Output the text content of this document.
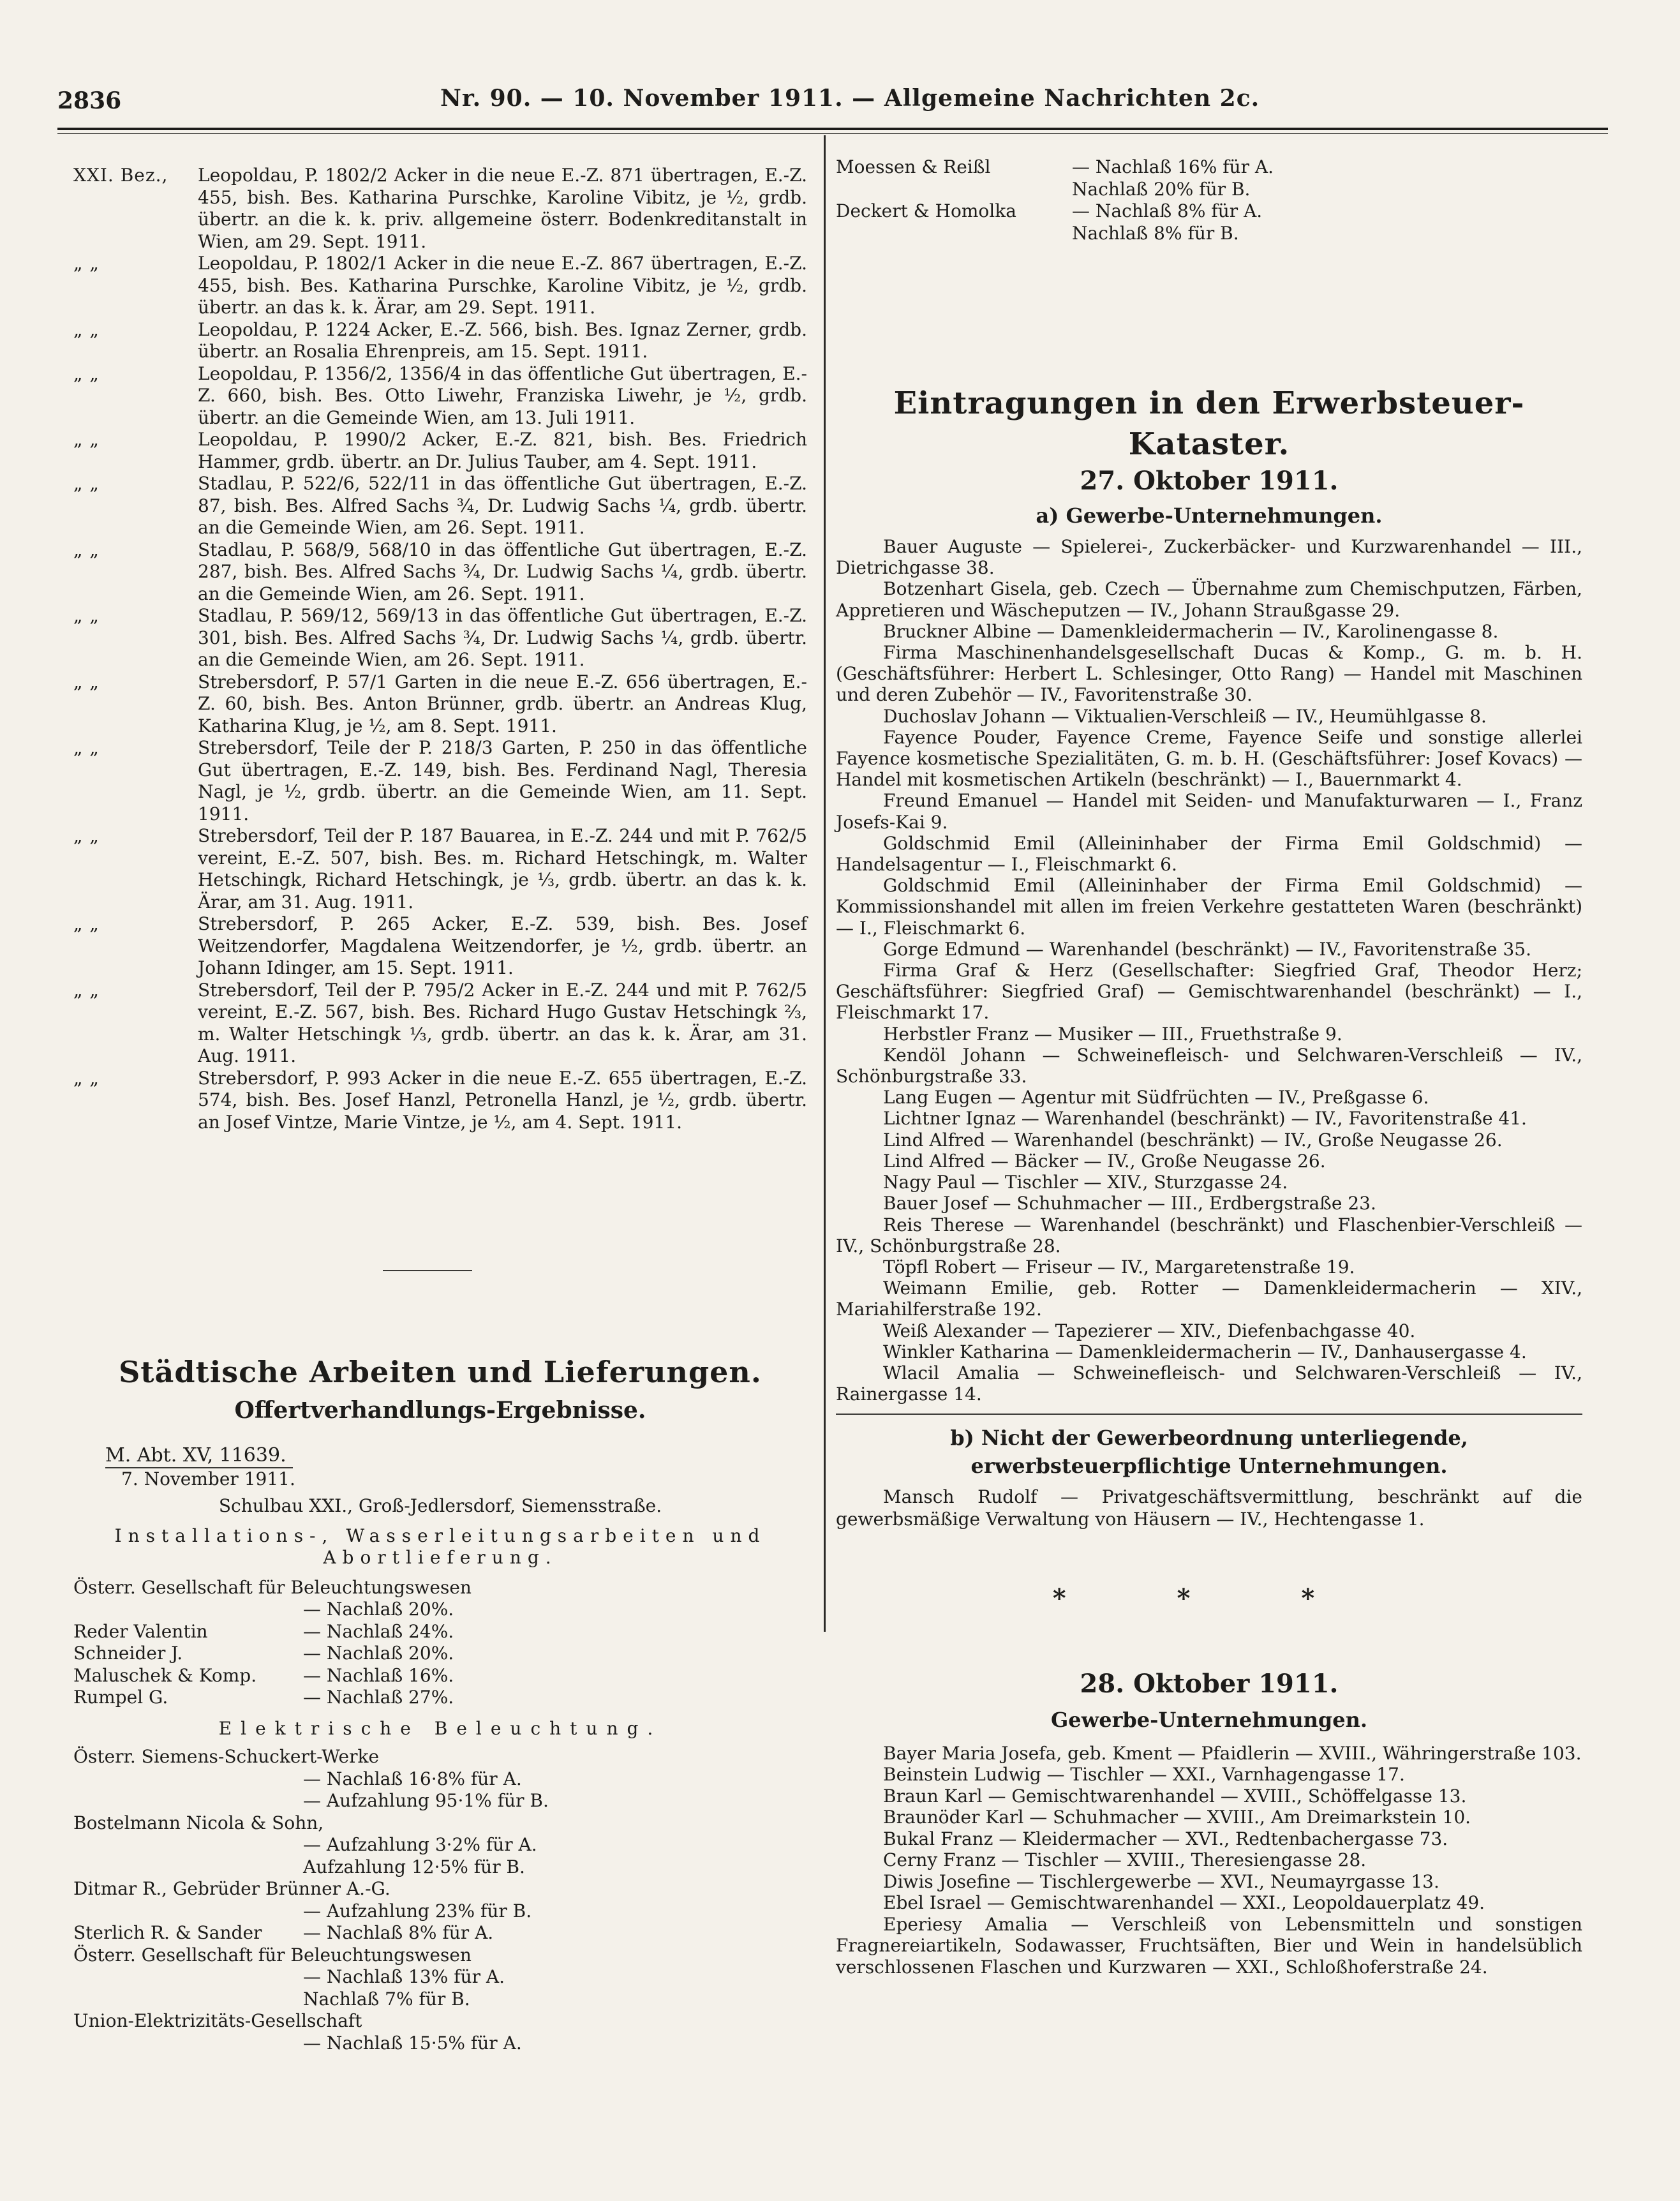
2836	Nr. 90. — 10. November 1911. — Allgemeine Nachrichten 2c.
XXI. Bez.,	Leopoldau, P. 1802/2 Acker in die neue E.-Z. 871 übertragen, E.-Z. 455, bish. Bes. Katharina Purschke, Karoline Vibitz, je ½, grdb. übertr. an die k. k. priv. allgemeine österr. Bodenkreditanstalt in Wien, am 29. Sept. 1911.
„ „	Leopoldau, P. 1802/1 Acker in die neue E.-Z. 867 übertragen, E.-Z. 455, bish. Bes. Katharina Purschke, Karoline Vibitz, je ½, grdb. übertr. an das k. k. Ärar, am 29. Sept. 1911.
„ „	Leopoldau, P. 1224 Acker, E.-Z. 566, bish. Bes. Ignaz Zerner, grdb. übertr. an Rosalia Ehrenpreis, am 15. Sept. 1911.
„ „	Leopoldau, P. 1356/2, 1356/4 in das öffentliche Gut übertragen, E.-Z. 660, bish. Bes. Otto Liwehr, Franziska Liwehr, je ½, grdb. übertr. an die Gemeinde Wien, am 13. Juli 1911.
„ „	Leopoldau, P. 1990/2 Acker, E.-Z. 821, bish. Bes. Friedrich Hammer, grdb. übertr. an Dr. Julius Tauber, am 4. Sept. 1911.
„ „	Stadlau, P. 522/6, 522/11 in das öffentliche Gut übertragen, E.-Z. 87, bish. Bes. Alfred Sachs ¾, Dr. Ludwig Sachs ¼, grdb. übertr. an die Gemeinde Wien, am 26. Sept. 1911.
„ „	Stadlau, P. 568/9, 568/10 in das öffentliche Gut übertragen, E.-Z. 287, bish. Bes. Alfred Sachs ¾, Dr. Ludwig Sachs ¼, grdb. übertr. an die Gemeinde Wien, am 26. Sept. 1911.
„ „	Stadlau, P. 569/12, 569/13 in das öffentliche Gut übertragen, E.-Z. 301, bish. Bes. Alfred Sachs ¾, Dr. Ludwig Sachs ¼, grdb. übertr. an die Gemeinde Wien, am 26. Sept. 1911.
„ „	Strebersdorf, P. 57/1 Garten in die neue E.-Z. 656 übertragen, E.-Z. 60, bish. Bes. Anton Brünner, grdb. übertr. an Andreas Klug, Katharina Klug, je ½, am 8. Sept. 1911.
„ „	Strebersdorf, Teile der P. 218/3 Garten, P. 250 in das öffentliche Gut übertragen, E.-Z. 149, bish. Bes. Ferdinand Nagl, Theresia Nagl, je ½, grdb. übertr. an die Gemeinde Wien, am 11. Sept. 1911.
„ „	Strebersdorf, Teil der P. 187 Bauarea, in E.-Z. 244 und mit P. 762/5 vereint, E.-Z. 507, bish. Bes. m. Richard Hetschingk, m. Walter Hetschingk, Richard Hetschingk, je ⅓, grdb. übertr. an das k. k. Ärar, am 31. Aug. 1911.
„ „	Strebersdorf, P. 265 Acker, E.-Z. 539, bish. Bes. Josef Weitzendorfer, Magdalena Weitzendorfer, je ½, grdb. übertr. an Johann Idinger, am 15. Sept. 1911.
„ „	Strebersdorf, Teil der P. 795/2 Acker in E.-Z. 244 und mit P. 762/5 vereint, E.-Z. 567, bish. Bes. Richard Hugo Gustav Hetschingk ⅔, m. Walter Hetschingk ⅓, grdb. übertr. an das k. k. Ärar, am 31. Aug. 1911.
„ „	Strebersdorf, P. 993 Acker in die neue E.-Z. 655 übertragen, E.-Z. 574, bish. Bes. Josef Hanzl, Petronella Hanzl, je ½, grdb. übertr. an Josef Vintze, Marie Vintze, je ½, am 4. Sept. 1911.
Städtische Arbeiten und Lieferungen.
Offertverhandlungs-Ergebnisse.
M. Abt. XV, 11639.
7. November 1911.
Schulbau XXI., Groß-Jedlersdorf, Siemensstraße.
Installations-, Wasserleitungsarbeiten und Abortlieferung.
Österr. Gesellschaft für Beleuchtungswesen
— Nachlaß 20%.
Reder Valentin	— Nachlaß 24%.
Schneider J.	— Nachlaß 20%.
Maluschek & Komp.	— Nachlaß 16%.
Rumpel G.	— Nachlaß 27%.
Elektrische Beleuchtung.
Österr. Siemens-Schuckert-Werke
— Nachlaß 16·8% für A.
— Aufzahlung 95·1% für B.
Bostelmann Nicola & Sohn,
— Aufzahlung 3·2% für A.
Aufzahlung 12·5% für B.
Ditmar R., Gebrüder Brünner A.-G.
— Aufzahlung 23% für B.
Sterlich R. & Sander	— Nachlaß 8% für A.
Österr. Gesellschaft für Beleuchtungswesen
— Nachlaß 13% für A.
Nachlaß 7% für B.
Union-Elektrizitäts-Gesellschaft
— Nachlaß 15·5% für A.
Moessen & Reißl	— Nachlaß 16% für A.
Nachlaß 20% für B.
Deckert & Homolka	— Nachlaß 8% für A.
Nachlaß 8% für B.
Eintragungen in den Erwerbsteuer-Kataster.
27. Oktober 1911.
a) Gewerbe-Unternehmungen.
Bauer Auguste — Spielerei-, Zuckerbäcker- und Kurzwarenhandel — III., Dietrichgasse 38.
Botzenhart Gisela, geb. Czech — Übernahme zum Chemischputzen, Färben, Appretieren und Wäscheputzen — IV., Johann Straußgasse 29.
Bruckner Albine — Damenkleidermacherin — IV., Karolinengasse 8.
Firma Maschinenhandelsgesellschaft Ducas & Komp., G. m. b. H. (Geschäftsführer: Herbert L. Schlesinger, Otto Rang) — Handel mit Maschinen und deren Zubehör — IV., Favoritenstraße 30.
Duchoslav Johann — Viktualien-Verschleiß — IV., Heumühlgasse 8.
Fayence Pouder, Fayence Creme, Fayence Seife und sonstige allerlei Fayence kosmetische Spezialitäten, G. m. b. H. (Geschäftsführer: Josef Kovacs) — Handel mit kosmetischen Artikeln (beschränkt) — I., Bauernmarkt 4.
Freund Emanuel — Handel mit Seiden- und Manufakturwaren — I., Franz Josefs-Kai 9.
Goldschmid Emil (Alleininhaber der Firma Emil Goldschmid) — Handelsagentur — I., Fleischmarkt 6.
Goldschmid Emil (Alleininhaber der Firma Emil Goldschmid) — Kommissionshandel mit allen im freien Verkehre gestatteten Waren (beschränkt) — I., Fleischmarkt 6.
Gorge Edmund — Warenhandel (beschränkt) — IV., Favoritenstraße 35.
Firma Graf & Herz (Gesellschafter: Siegfried Graf, Theodor Herz; Geschäftsführer: Siegfried Graf) — Gemischtwarenhandel (beschränkt) — I., Fleischmarkt 17.
Herbstler Franz — Musiker — III., Fruethstraße 9.
Kendöl Johann — Schweinefleisch- und Selchwaren-Verschleiß — IV., Schönburgstraße 33.
Lang Eugen — Agentur mit Südfrüchten — IV., Preßgasse 6.
Lichtner Ignaz — Warenhandel (beschränkt) — IV., Favoritenstraße 41.
Lind Alfred — Warenhandel (beschränkt) — IV., Große Neugasse 26.
Lind Alfred — Bäcker — IV., Große Neugasse 26.
Nagy Paul — Tischler — XIV., Sturzgasse 24.
Bauer Josef — Schuhmacher — III., Erdbergstraße 23.
Reis Therese — Warenhandel (beschränkt) und Flaschenbier-Verschleiß — IV., Schönburgstraße 28.
Töpfl Robert — Friseur — IV., Margaretenstraße 19.
Weimann Emilie, geb. Rotter — Damenkleidermacherin — XIV., Mariahilferstraße 192.
Weiß Alexander — Tapezierer — XIV., Diefenbachgasse 40.
Winkler Katharina — Damenkleidermacherin — IV., Danhausergasse 4.
Wlacil Amalia — Schweinefleisch- und Selchwaren-Verschleiß — IV., Rainergasse 14.
b) Nicht der Gewerbeordnung unterliegende, erwerbsteuerpflichtige Unternehmungen.
Mansch Rudolf — Privatgeschäftsvermittlung, beschränkt auf die gewerbsmäßige Verwaltung von Häusern — IV., Hechtengasse 1.
* * *
28. Oktober 1911.
Gewerbe-Unternehmungen.
Bayer Maria Josefa, geb. Kment — Pfaidlerin — XVIII., Währingerstraße 103.
Beinstein Ludwig — Tischler — XXI., Varnhagengasse 17.
Braun Karl — Gemischtwarenhandel — XVIII., Schöffelgasse 13.
Braunöder Karl — Schuhmacher — XVIII., Am Dreimarkstein 10.
Bukal Franz — Kleidermacher — XVI., Redtenbachergasse 73.
Cerny Franz — Tischler — XVIII., Theresiengasse 28.
Diwis Josefine — Tischlergewerbe — XVI., Neumayrgasse 13.
Ebel Israel — Gemischtwarenhandel — XXI., Leopoldauerplatz 49.
Eperiesy Amalia — Verschleiß von Lebensmitteln und sonstigen Fragnereiartikeln, Sodawasser, Fruchtsäften, Bier und Wein in handelsüblich verschlossenen Flaschen und Kurzwaren — XXI., Schloßhoferstraße 24.
